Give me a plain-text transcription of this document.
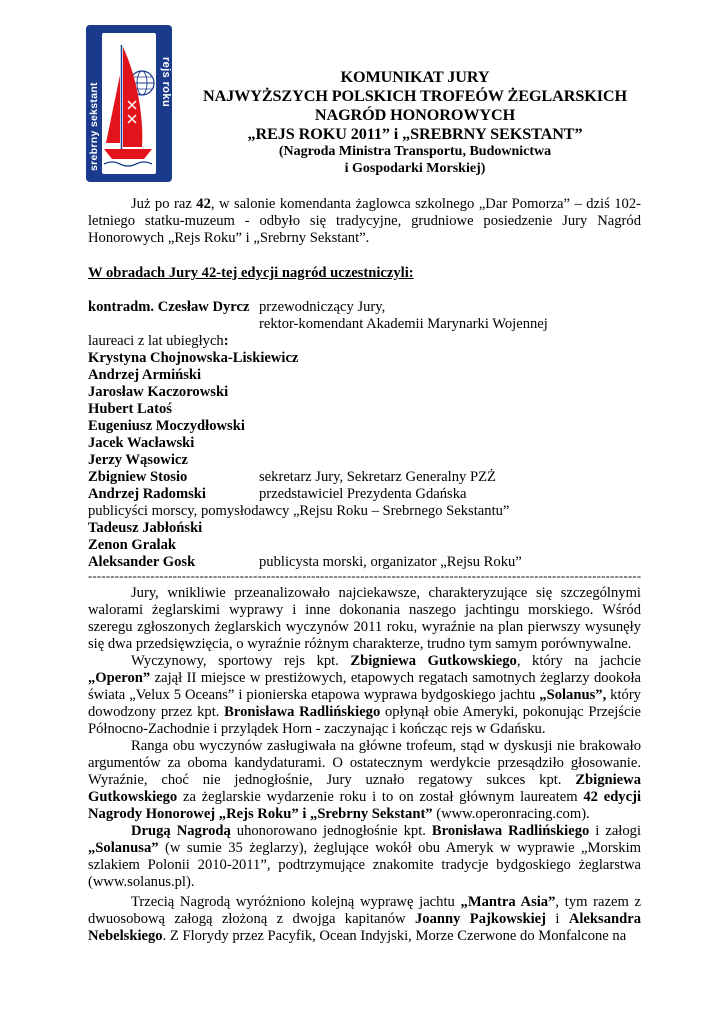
srebrny sekstant
rejs roku	KOMUNIKAT JURY
NAJWYŻSZYCH POLSKICH TROFEÓW ŻEGLARSKICH
NAGRÓD HONOROWYCH
„REJS ROKU 2011” i „SREBRNY SEKSTANT”
(Nagroda Ministra Transportu, Budownictwa
i Gospodarki Morskiej)

Już po raz 42, w salonie komendanta żaglowca szkolnego „Dar Pomorza” – dziś 102-letniego statku-muzeum - odbyło się tradycyjne, grudniowe posiedzenie Jury Nagród Honorowych „Rejs Roku” i „Srebrny Sekstant”.

W obradach Jury 42-tej edycji nagród uczestniczyli:

kontradm. Czesław Dyrcz przewodniczący Jury,
rektor-komendant Akademii Marynarki Wojennej
laureaci z lat ubiegłych:
Krystyna Chojnowska-Liskiewicz
Andrzej Armiński
Jarosław Kaczorowski
Hubert Latoś
Eugeniusz Moczydłowski
Jacek Wacławski
Jerzy Wąsowicz
Zbigniew Stosio	sekretarz Jury, Sekretarz Generalny PZŻ
Andrzej Radomski	przedstawiciel Prezydenta Gdańska
publicyści morscy, pomysłodawcy „Rejsu Roku – Srebrnego Sekstantu”
Tadeusz Jabłoński
Zenon Gralak
Aleksander Gosk	publicysta morski, organizator „Rejsu Roku”
----------------------------------------------------------------------------------------------------------------------------

Jury, wnikliwie przeanalizowało najciekawsze, charakteryzujące się szczególnymi walorami żeglarskimi wyprawy i inne dokonania naszego jachtingu morskiego. Wśród szeregu zgłoszonych żeglarskich wyczynów 2011 roku, wyraźnie na plan pierwszy wysunęły się dwa przedsięwzięcia, o wyraźnie różnym charakterze, trudno tym samym porównywalne.

Wyczynowy, sportowy rejs kpt. Zbigniewa Gutkowskiego, który na jachcie „Operon” zajął II miejsce w prestiżowych, etapowych regatach samotnych żeglarzy dookoła świata „Velux 5 Oceans” i pionierska etapowa wyprawa bydgoskiego jachtu „Solanus”, który dowodzony przez kpt. Bronisława Radlińskiego opłynął obie Ameryki, pokonując Przejście Północno-Zachodnie i przylądek Horn - zaczynając i kończąc rejs w Gdańsku.

Ranga obu wyczynów zasługiwała na główne trofeum, stąd w dyskusji nie brakowało argumentów za oboma kandydaturami. O ostatecznym werdykcie przesądziło głosowanie. Wyraźnie, choć nie jednogłośnie, Jury uznało regatowy sukces kpt. Zbigniewa Gutkowskiego za żeglarskie wydarzenie roku i to on został głównym laureatem 42 edycji Nagrody Honorowej „Rejs Roku” i „Srebrny Sekstant” (www.operonracing.com).

Drugą Nagrodą uhonorowano jednogłośnie kpt. Bronisława Radlińskiego i załogi „Solanusa” (w sumie 35 żeglarzy), żeglujące wokół obu Ameryk w wyprawie „Morskim szlakiem Polonii 2010-2011”, podtrzymujące znakomite tradycje bydgoskiego żeglarstwa (www.solanus.pl).

Trzecią Nagrodą wyróżniono kolejną wyprawę jachtu „Mantra Asia”, tym razem z dwuosobową załogą złożoną z dwojga kapitanów Joanny Pajkowskiej i Aleksandra Nebelskiego. Z Florydy przez Pacyfik, Ocean Indyjski, Morze Czerwone do Monfalcone na
